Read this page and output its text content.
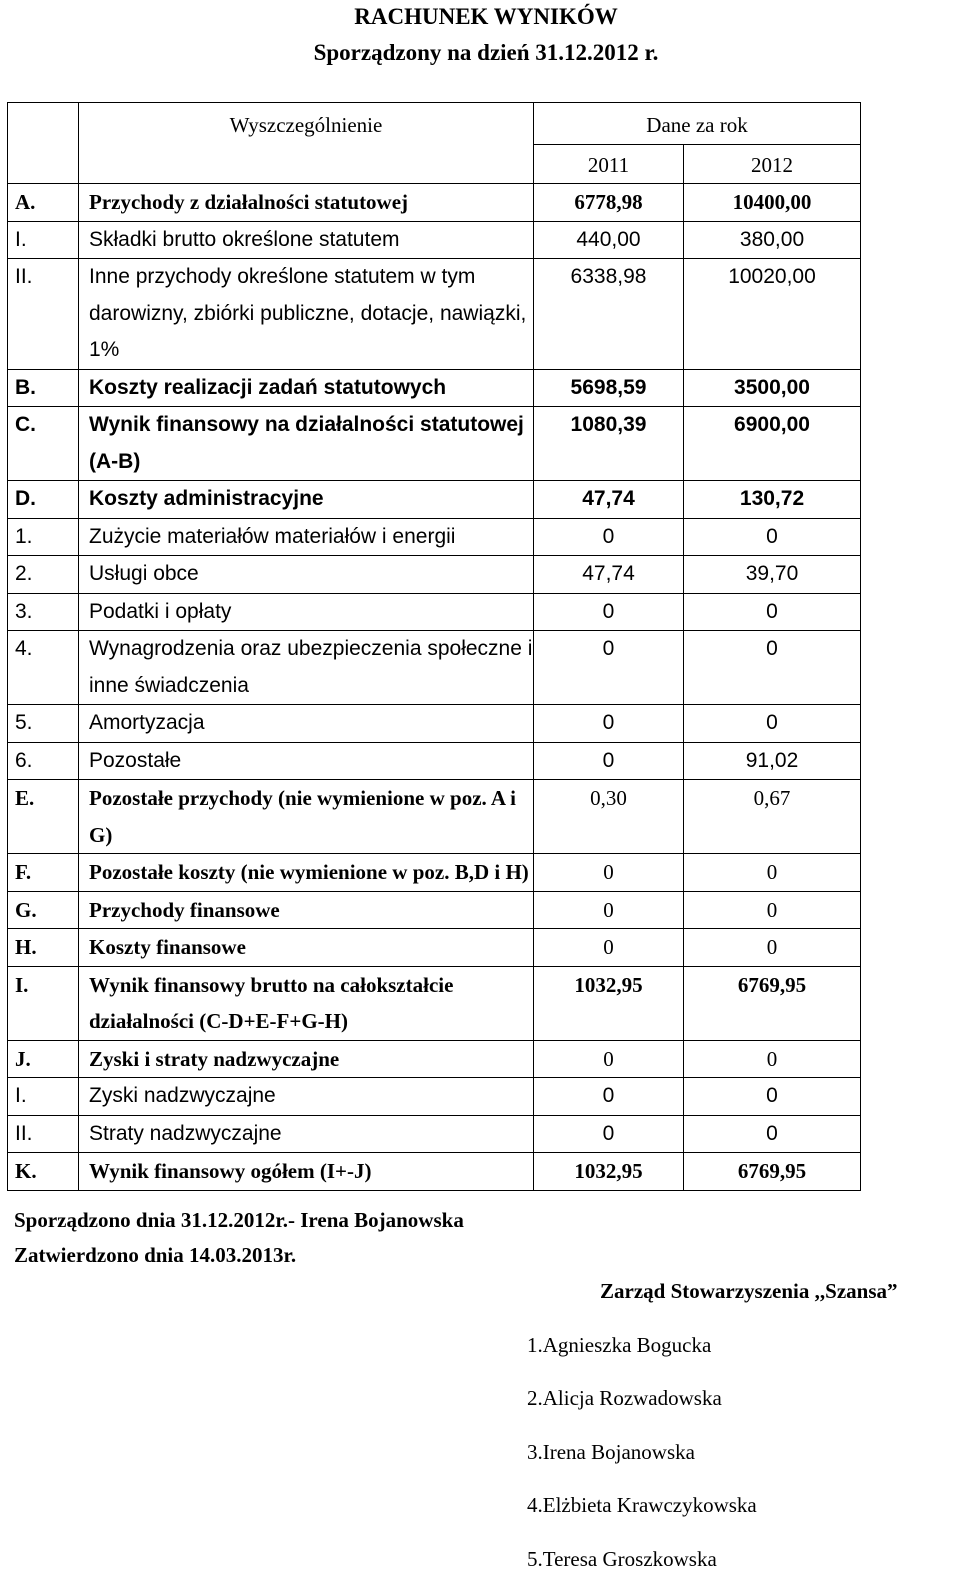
RACHUNEK WYNIKÓW
Sporządzony na dzień 31.12.2012 r.
	Wyszczególnienie	Dane za rok	
		2011	2012
A.	Przychody z działalności statutowej	6778,98	10400,00
I.	Składki brutto określone statutem	440,00	380,00
II.	Inne przychody określone statutem w tym darowizny, zbiórki publiczne, dotacje, nawiązki, 1%	6338,98	10020,00
B.	Koszty realizacji zadań statutowych	5698,59	3500,00
C.	Wynik finansowy na działalności statutowej (A-B)	1080,39	6900,00
D.	Koszty administracyjne	47,74	130,72
1.	Zużycie materiałów materiałów i energii	0	0
2.	Usługi obce	47,74	39,70
3.	Podatki i opłaty	0	0
4.	Wynagrodzenia oraz ubezpieczenia społeczne i inne świadczenia	0	0
5.	Amortyzacja	0	0
6.	Pozostałe	0	91,02
E.	Pozostałe przychody (nie wymienione w poz. A i G)	0,30	0,67
F.	Pozostałe koszty (nie wymienione w poz. B,D i H)	0	0
G.	Przychody finansowe	0	0
H.	Koszty finansowe	0	0
I.	Wynik finansowy brutto na całokształcie działalności (C-D+E-F+G-H)	1032,95	6769,95
J.	Zyski i straty nadzwyczajne	0	0
I.	Zyski nadzwyczajne	0	0
II.	Straty nadzwyczajne	0	0
K.	Wynik finansowy ogółem (I+-J)	1032,95	6769,95
Sporządzono dnia 31.12.2012r.- Irena Bojanowska
Zatwierdzono dnia 14.03.2013r.
Zarząd Stowarzyszenia ,,Szansa”
1.Agnieszka Bogucka
2.Alicja Rozwadowska
3.Irena Bojanowska
4.Elżbieta Krawczykowska
5.Teresa Groszkowska
